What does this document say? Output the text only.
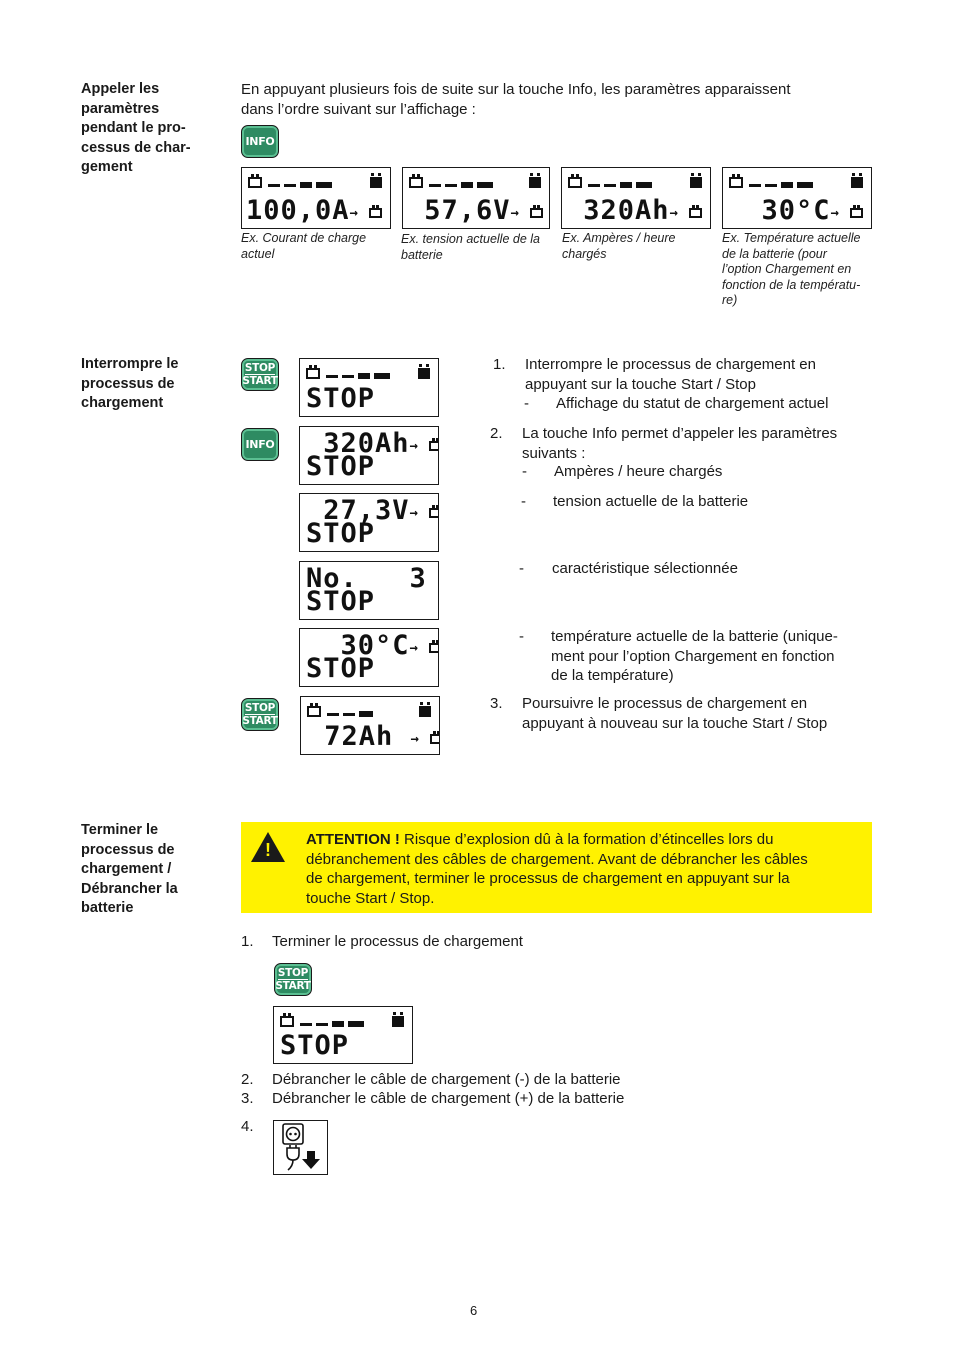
Appeler les
paramètres
pendant le pro-
cessus de char-
gement
En appuyant plusieurs fois de suite sur la touche Info, les paramètres apparaissent
dans l’ordre suivant sur l’affichage :
INFO
100,0A → 57,6V → 320Ah → 30°C →
Ex. Courant de charge
actuel
Ex. tension actuelle de la
batterie
Ex. Ampères / heure
chargés
Ex. Température actuelle
de la batterie (pour
l’option Chargement en
fonction de la températu-
re)
Interrompre le
processus de
chargement
STOP
START
STOP
INFO 320Ah →
STOP
27,3V →
STOP
No.   3
STOP
30°C →
STOP
STOP
START 72Ah →
1. Interrompre le processus de chargement en
appuyant sur la touche Start / Stop
- Affichage du statut de chargement actuel
2. La touche Info permet d’appeler les paramètres
suivants :
- Ampères / heure chargés
- tension actuelle de la batterie
- caractéristique sélectionnée
- température actuelle de la batterie (unique-
ment pour l’option Chargement en fonction
de la température)
3. Poursuivre le processus de chargement en
appuyant à nouveau sur la touche Start / Stop
Terminer le
processus de
chargement /
Débrancher la
batterie
!
ATTENTION ! Risque d’explosion dû à la formation d’étincelles lors du
débranchement des câbles de chargement. Avant de débrancher les câbles
de chargement, terminer le processus de chargement en appuyant sur la
touche Start / Stop.
1. Terminer le processus de chargement
STOP
START
STOP
2. Débrancher le câble de chargement (-) de la batterie
3. Débrancher le câble de chargement (+) de la batterie
4.
6
